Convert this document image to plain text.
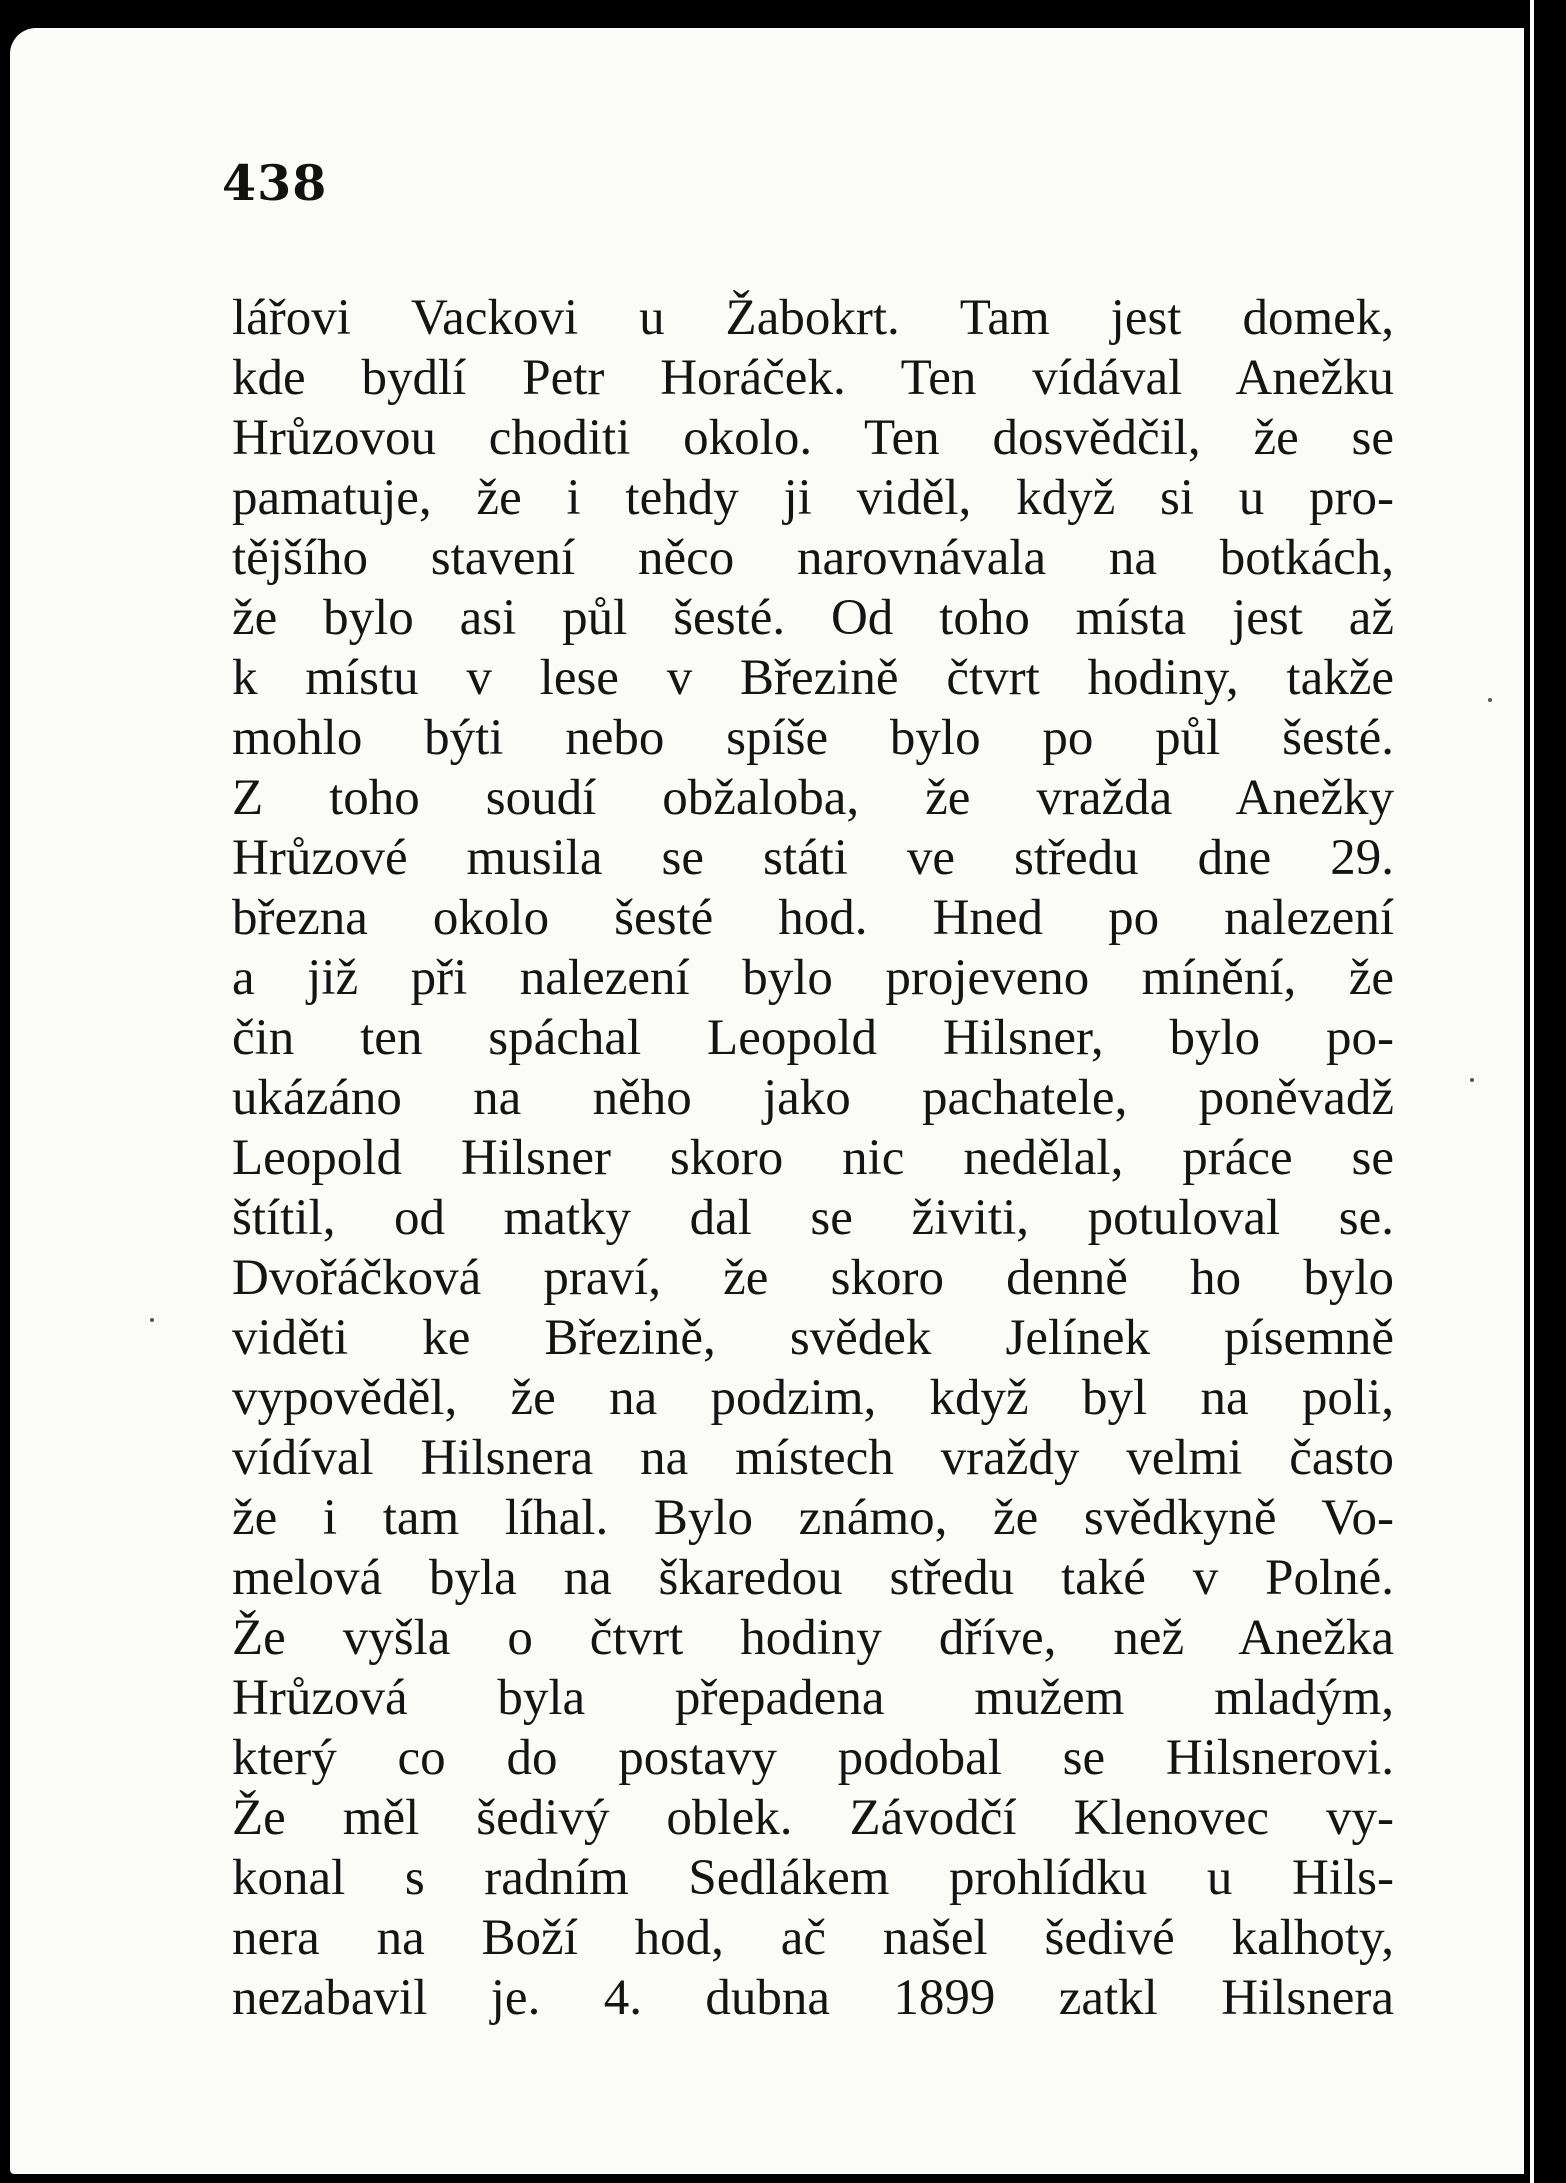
438
lářovi Vackovi u Žabokrt. Tam jest domek,
kde bydlí Petr Horáček. Ten vídával Anežku
Hrůzovou choditi okolo. Ten dosvědčil, že se
pamatuje, že i tehdy ji viděl, když si u pro-
tějšího stavení něco narovnávala na botkách,
že bylo asi půl šesté. Od toho místa jest až
k místu v lese v Březině čtvrt hodiny, takže
mohlo býti nebo spíše bylo po půl šesté.
Z toho soudí obžaloba, že vražda Anežky
Hrůzové musila se státi ve středu dne 29.
března okolo šesté hod. Hned po nalezení
a již při nalezení bylo projeveno mínění, že
čin ten spáchal Leopold Hilsner, bylo po-
ukázáno na něho jako pachatele, poněvadž
Leopold Hilsner skoro nic nedělal, práce se
štítil, od matky dal se živiti, potuloval se.
Dvořáčková praví, že skoro denně ho bylo
viděti ke Březině, svědek Jelínek písemně
vypověděl, že na podzim, když byl na poli,
vídíval Hilsnera na místech vraždy velmi často
že i tam líhal. Bylo známo, že svědkyně Vo-
melová byla na škaredou středu také v Polné.
Že vyšla o čtvrt hodiny dříve, než Anežka
Hrůzová byla přepadena mužem mladým,
který co do postavy podobal se Hilsnerovi.
Že měl šedivý oblek. Závodčí Klenovec vy-
konal s radním Sedlákem prohlídku u Hils-
nera na Boží hod, ač našel šedivé kalhoty,
nezabavil je. 4. dubna 1899 zatkl Hilsnera
